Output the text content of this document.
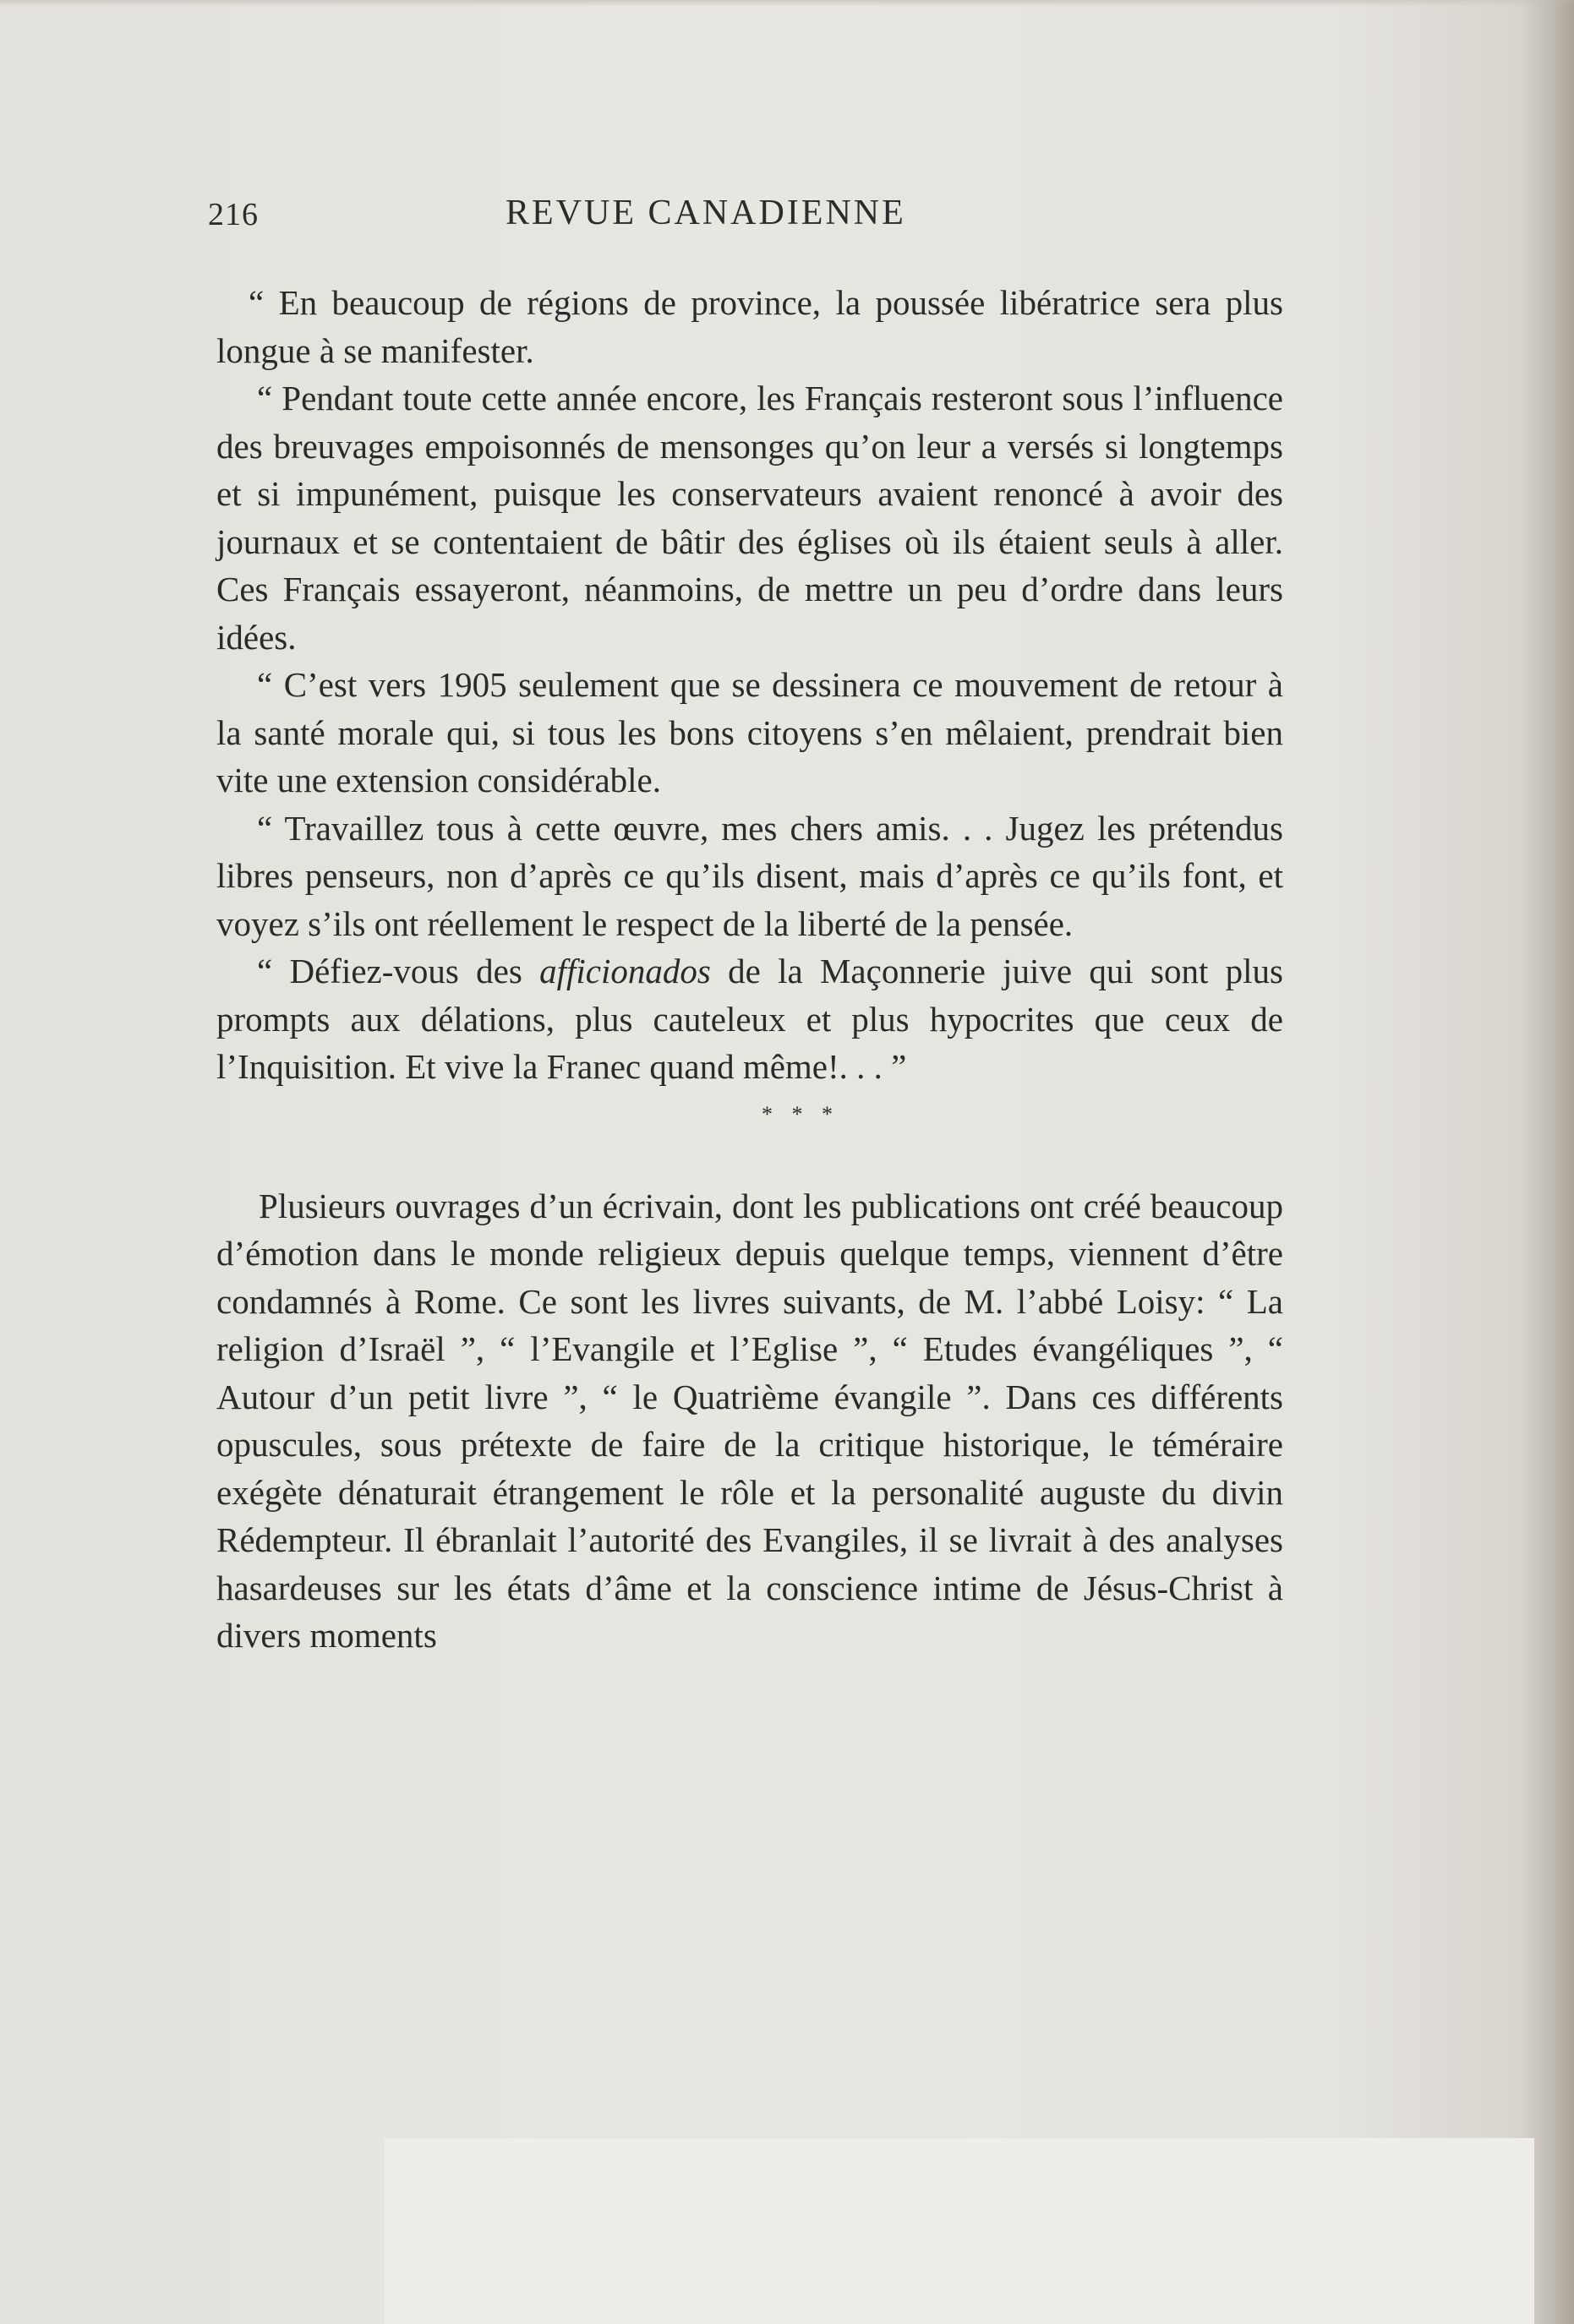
216	REVUE CANADIENNE

“ En beaucoup de régions de province, la poussée libératrice sera plus longue à se manifester.

“ Pendant toute cette année encore, les Français resteront sous l’influence des breuvages empoisonnés de mensonges qu’on leur a versés si longtemps et si impunément, puisque les conservateurs avaient renoncé à avoir des journaux et se contentaient de bâtir des églises où ils étaient seuls à aller. Ces Français essayeront, néanmoins, de mettre un peu d’ordre dans leurs idées.

“ C’est vers 1905 seulement que se dessinera ce mouvement de retour à la santé morale qui, si tous les bons citoyens s’en mêlaient, prendrait bien vite une extension considérable.

“ Travaillez tous à cette œuvre, mes chers amis. . . Jugez les prétendus libres penseurs, non d’après ce qu’ils disent, mais d’après ce qu’ils font, et voyez s’ils ont réellement le respect de la liberté de la pensée.

“ Défiez-vous des afficionados de la Maçonnerie juive qui sont plus prompts aux délations, plus cauteleux et plus hypocrites que ceux de l’Inquisition. Et vive la Franec quand même!. . . ”

* * *

Plusieurs ouvrages d’un écrivain, dont les publications ont créé beaucoup d’émotion dans le monde religieux depuis quelque temps, viennent d’être condamnés à Rome. Ce sont les livres suivants, de M. l’abbé Loisy: “ La religion d’Israël ”, “ l’Evangile et l’Eglise ”, “ Etudes évangéliques ”, “ Autour d’un petit livre ”, “ le Quatrième évangile ”. Dans ces différents opuscules, sous prétexte de faire de la critique historique, le téméraire exégète dénaturait étrangement le rôle et la personalité auguste du divin Rédempteur. Il ébranlait l’autorité des Evangiles, il se livrait à des analyses hasardeuses sur les états d’âme et la conscience intime de Jésus-Christ à divers moments
